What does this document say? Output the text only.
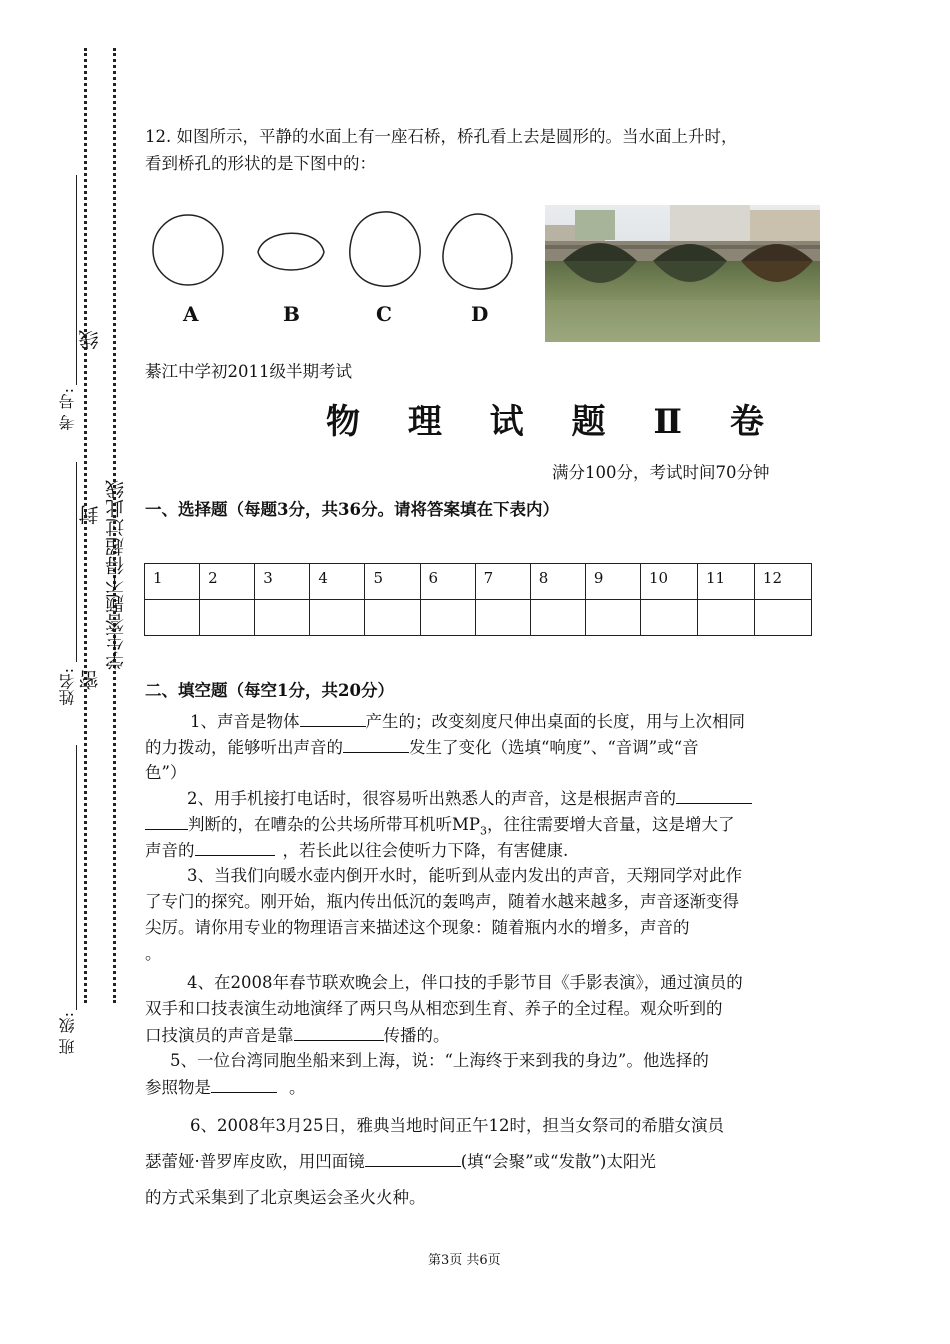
考 号:
线
封
密
姓名:
班 级:
学生答题不得超过此线
12. 如图所示，平静的水面上有一座石桥，桥孔看上去是圆形的。当水面上升时，
看到桥孔的形状的是下图中的：
A	B	C	D
綦江中学初2011级半期考试
物 理 试 题 Ⅱ 卷
满分100分，考试时间70分钟
一、选择题（每题3分，共36分。请将答案填在下表内）
1	2	3	4	5	6	7	8	9	10	11	12

二、填空题（每空1分，共20分）
1、声音是物体	产生的；改变刻度尺伸出桌面的长度，用与上次相同
的力拨动，能够听出声音的	发生了变化（选填“响度”、“音调”或“音
色”）
2、用手机接打电话时，很容易听出熟悉人的声音，这是根据声音的
判断的，在嘈杂的公共场所带耳机听$MP_3$，往往需要增大音量，这是增大了
声音的	，若长此以往会使听力下降，有害健康.
3、当我们向暖水壶内倒开水时，能听到从壶内发出的声音，天翔同学对此作
了专门的探究。刚开始，瓶内传出低沉的轰鸣声，随着水越来越多，声音逐渐变得
尖厉。请你用专业的物理语言来描述这个现象：随着瓶内水的增多，声音的
。
4、在2008年春节联欢晚会上，伴口技的手影节目《手影表演》，通过演员的
双手和口技表演生动地演绎了两只鸟从相恋到生育、养子的全过程。观众听到的
口技演员的声音是靠	传播的。
5、一位台湾同胞坐船来到上海，说：“上海终于来到我的身边”。他选择的
参照物是	。
6、2008年3月25日，雅典当地时间正午12时，担当女祭司的希腊女演员
瑟蕾娅·普罗库皮欧，用凹面镜	(填“会聚”或“发散”)太阳光
的方式采集到了北京奥运会圣火火种。
第3页 共6页
